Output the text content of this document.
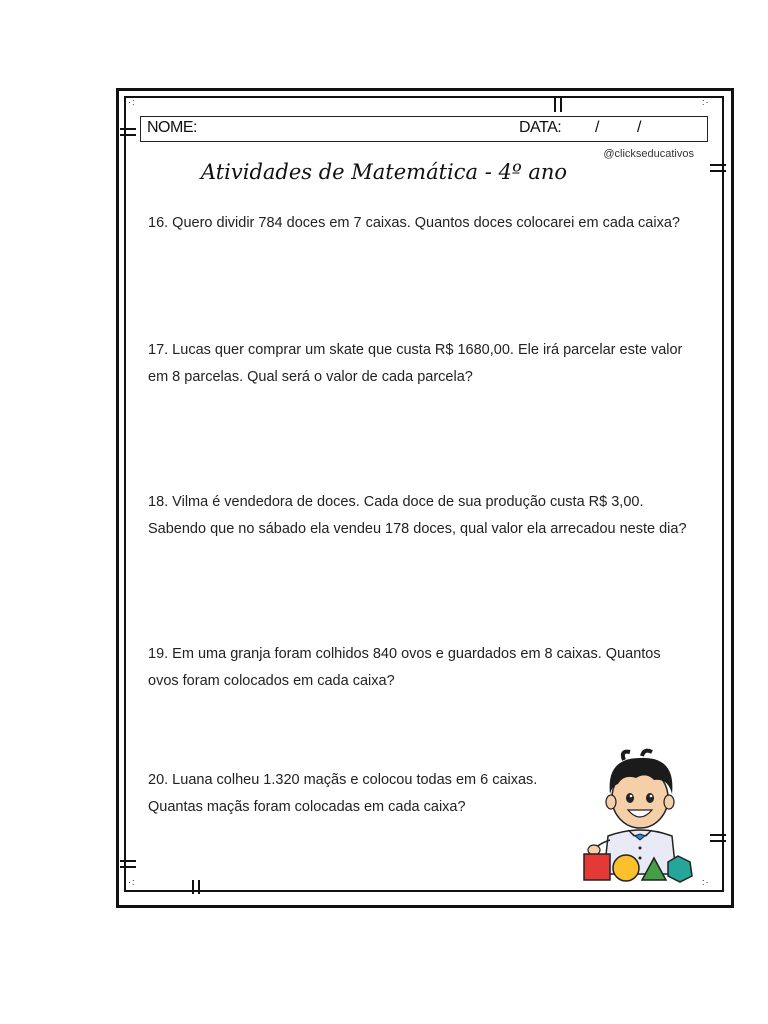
·:	:·
·:	:·
NOME:	DATA: / /
@clickseducativos
Atividades de Matemática - 4º ano

16. Quero dividir 784 doces em 7 caixas. Quantos doces colocarei em cada caixa?

17. Lucas quer comprar um skate que custa R$ 1680,00. Ele irá parcelar este valor

em 8 parcelas. Qual será o valor de cada parcela?

18. Vilma é vendedora de doces. Cada doce de sua produção custa R$ 3,00.

Sabendo que no sábado ela vendeu 178 doces, qual valor ela arrecadou neste dia?

19. Em uma granja foram colhidos 840 ovos e guardados em 8 caixas. Quantos

ovos foram colocados em cada caixa?

20. Luana colheu 1.320 maçãs e colocou todas em 6 caixas.

Quantas maçãs foram colocadas em cada caixa?
